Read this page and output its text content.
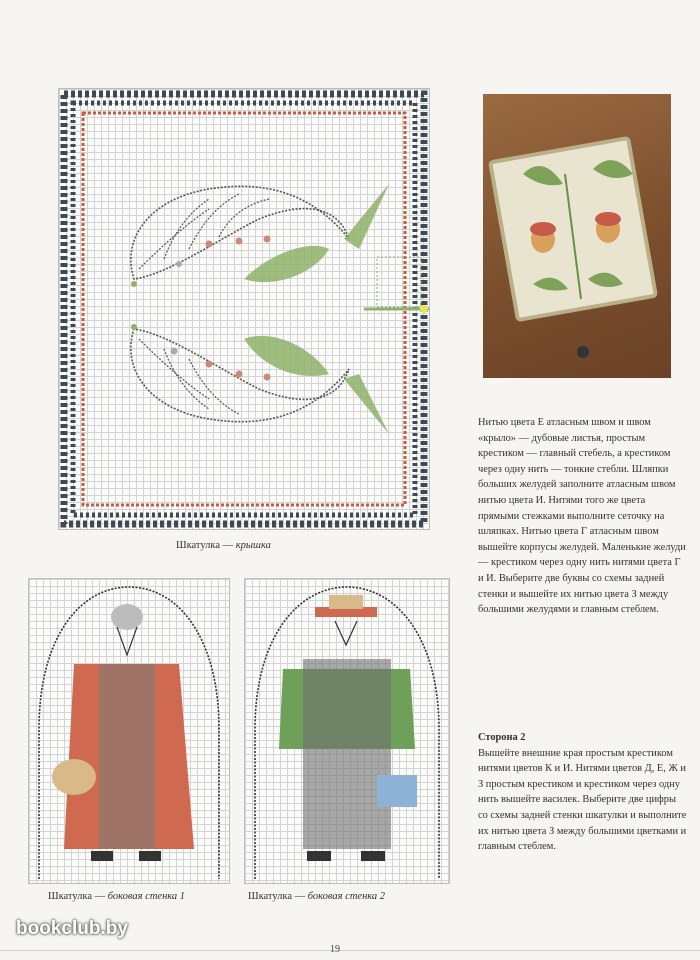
Шкатулка — крышка
Шкатулка — боковая стенка 1	Шкатулка — боковая стенка 2
Нитью цвета Е атласным швом и швом «крыло» — дубовые листья, простым крестиком — главный стебель, а крестиком через одну нить — тонкие стебли. Шляпки больших желудей заполните атласным швом нитью цвета И. Нитями того же цвета прямыми стежками выполните сеточку на шляпках. Нитью цвета Г атласным швом вышейте корпусы желудей. Маленькие желуди — крестиком через одну нить нитями цвета Г и И. Выберите две буквы со схемы задней стенки и вышейте их нитью цвета З между большими желудями и главным стеблем.
Сторона 2
Вышейте внешние края простым крестиком нитями цветов К и И. Нитями цветов Д, Е, Ж и З простым крестиком и крестиком через одну нить вышейте василек. Выберите две цифры со схемы задней стенки шкатулки и выполните их нитью цвета З между большими цветками и главным стеблем.
19
bookclub.by
